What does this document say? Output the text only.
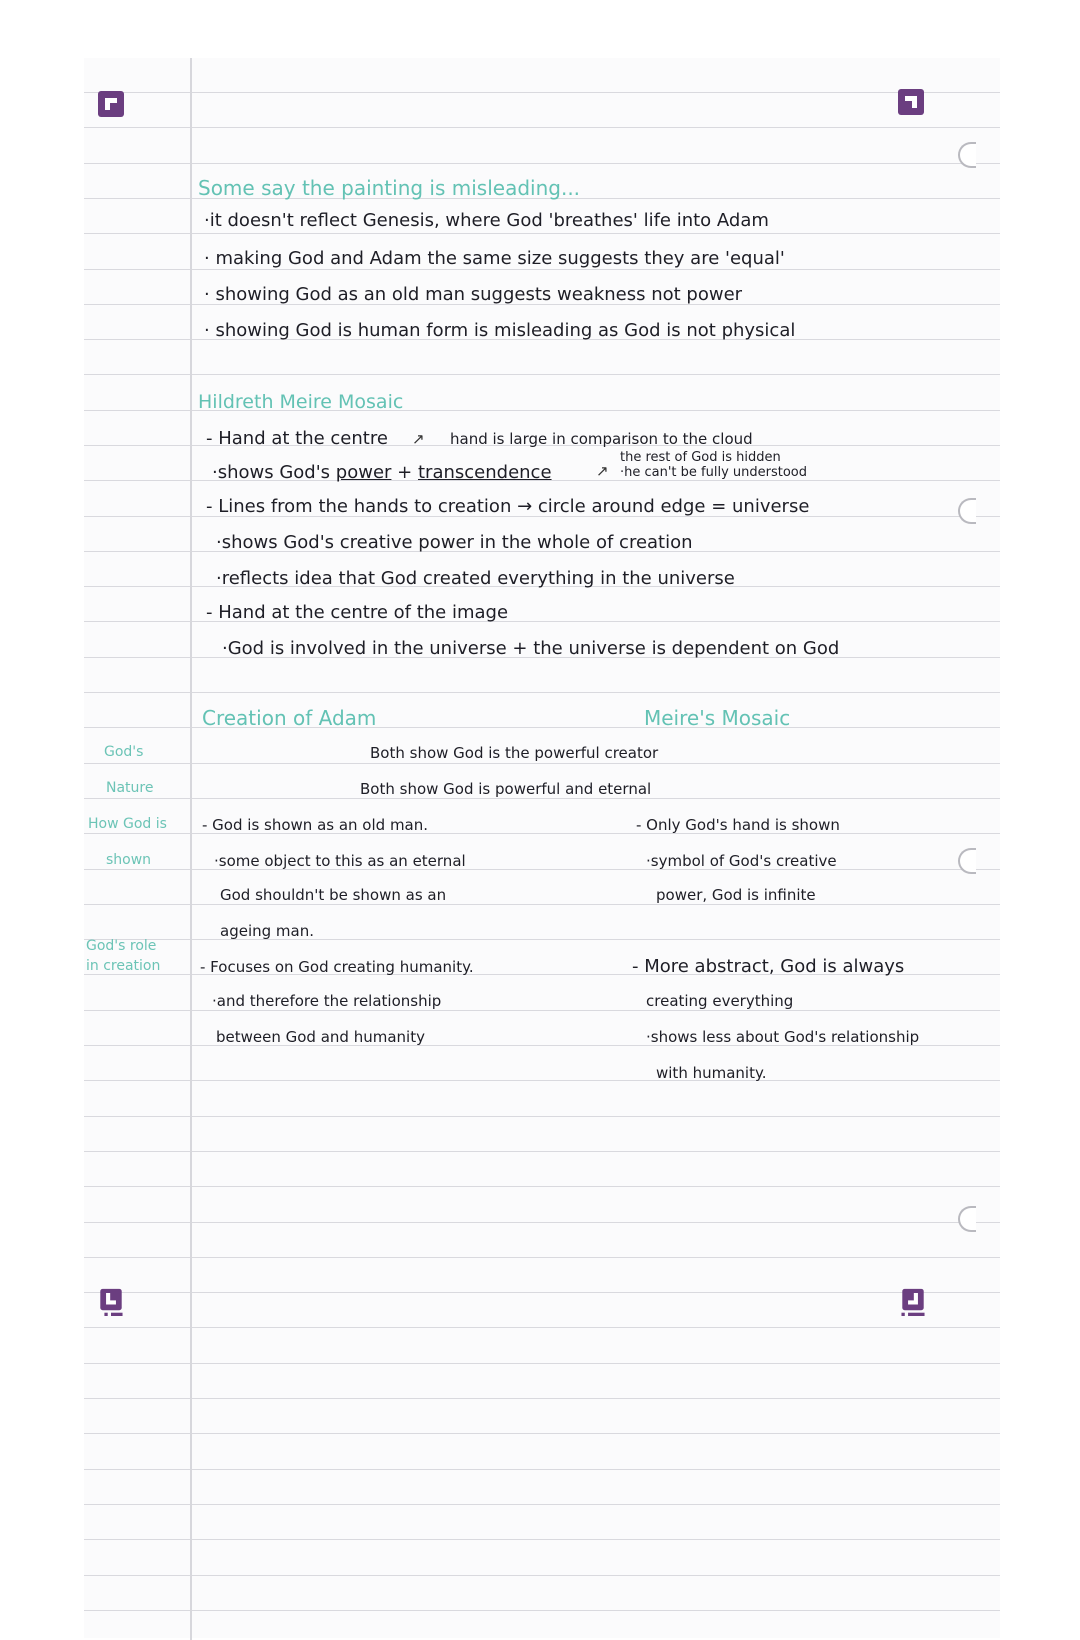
Some say the painting is misleading...
·it doesn't reflect Genesis, where God 'breathes' life into Adam
· making God and Adam the same size suggests they are 'equal'
· showing God as an old man suggests weakness not power
· showing God is human form is misleading as God is not physical
Hildreth Meire Mosaic
- Hand at the centre ↗ hand is large in comparison to the cloud
·shows God's power + transcendence	↗
the rest of God is hidden
·he can't be fully understood
- Lines from the hands to creation → circle around edge = universe
·shows God's creative power in the whole of creation
·reflects idea that God created everything in the universe
- Hand at the centre of the image
·God is involved in the universe + the universe is dependent on God
Creation of Adam	Meire's Mosaic
God's
Nature
How God is
shown
God's role
in creation
Both show God is the powerful creator
Both show God is powerful and eternal
- God is shown as an old man.
·some object to this as an eternal
God shouldn't be shown as an
ageing man.
- Only God's hand is shown
·symbol of God's creative
power, God is infinite
- Focuses on God creating humanity.
·and therefore the relationship
between God and humanity
- More abstract, God is always
creating everything
·shows less about God's relationship
with humanity.
